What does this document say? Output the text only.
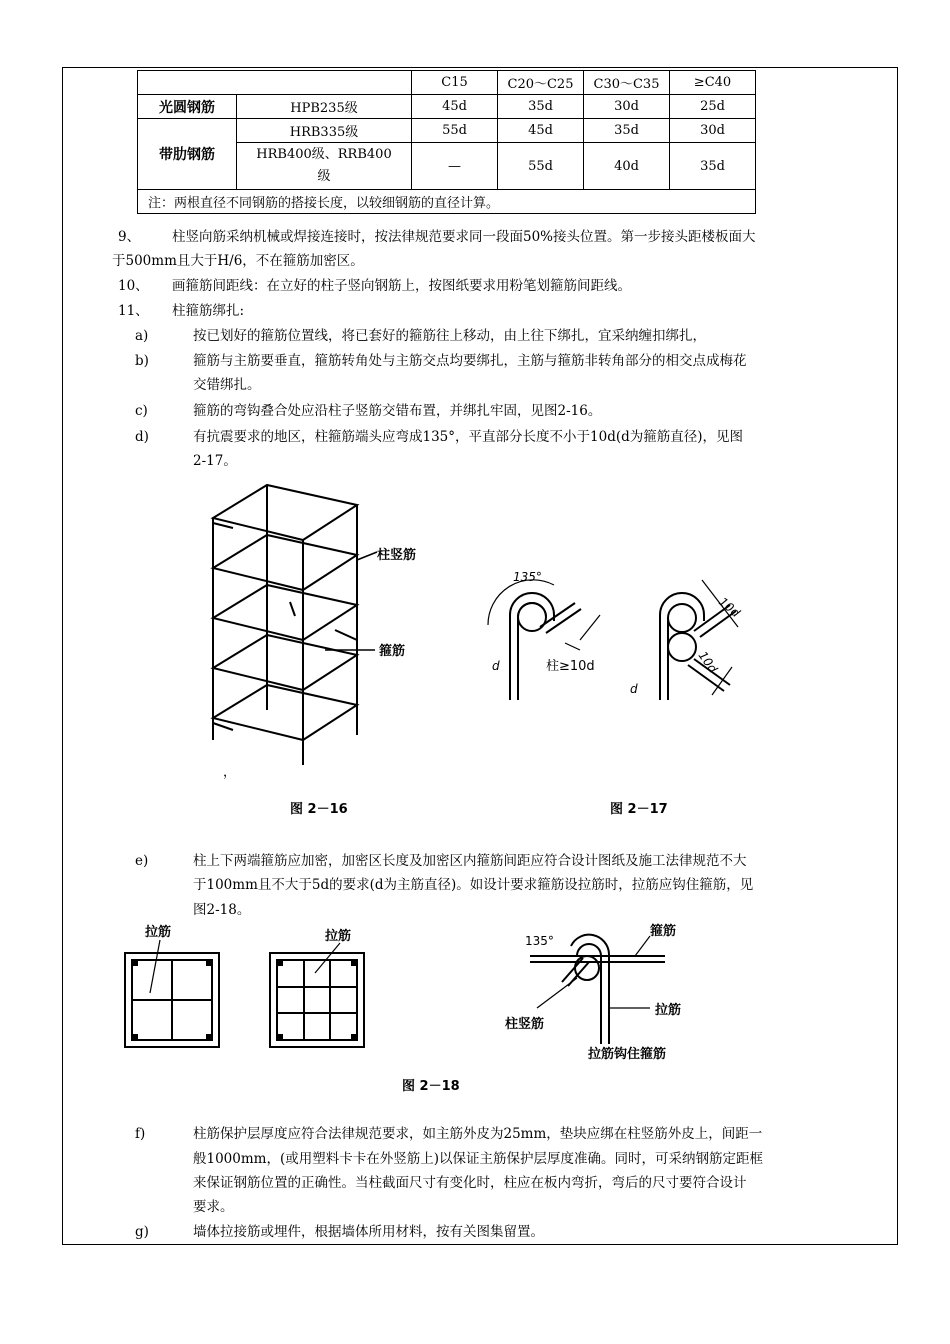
		C15	C20～C25	C30～C35	≥C40
光圆钢筋	HPB235级	45d	35d	30d	25d
带肋钢筋	HRB335级	55d	45d	35d	30d
	HRB400级、RRB400级	—	55d	40d	35d
注：两根直径不同钢筋的搭接长度，以较细钢筋的直径计算。					
9、 柱竖向筋采纳机械或焊接连接时，按法律规范要求同一段面50%接头位置。第一步接头距楼板面大
于500mm且大于H/6，不在箍筋加密区。
10、 画箍筋间距线：在立好的柱子竖向钢筋上，按图纸要求用粉笔划箍筋间距线。
11、 柱箍筋绑扎:
a)	按已划好的箍筋位置线，将已套好的箍筋往上移动，由上往下绑扎，宜采纳缠扣绑扎，
b)	箍筋与主筋要垂直，箍筋转角处与主筋交点均要绑扎，主筋与箍筋非转角部分的相交点成梅花
交错绑扎。
c)	箍筋的弯钩叠合处应沿柱子竖筋交错布置，并绑扎牢固，见图2-16。
d)	有抗震要求的地区，柱箍筋端头应弯成135°，平直部分长度不小于10d(d为箍筋直径)，见图
2-17。
柱竖筋
箍筋
，
图 2－16
135°
d	柱≥10d
10d
10d
d
图 2－17
e)	柱上下两端箍筋应加密，加密区长度及加密区内箍筋间距应符合设计图纸及施工法律规范不大
于100mm且不大于5d的要求(d为主筋直径)。如设计要求箍筋设拉筋时，拉筋应钩住箍筋，见
图2-18。
拉筋	拉筋	135°
箍筋
柱竖筋
拉筋
拉筋钩住箍筋
图 2－18
f)	柱筋保护层厚度应符合法律规范要求，如主筋外皮为25mm，垫块应绑在柱竖筋外皮上，间距一
般1000mm，(或用塑料卡卡在外竖筋上)以保证主筋保护层厚度准确。同时，可采纳钢筋定距框
来保证钢筋位置的正确性。当柱截面尺寸有变化时，柱应在板内弯折，弯后的尺寸要符合设计
要求。
g)	墙体拉接筋或埋件，根据墙体所用材料，按有关图集留置。
